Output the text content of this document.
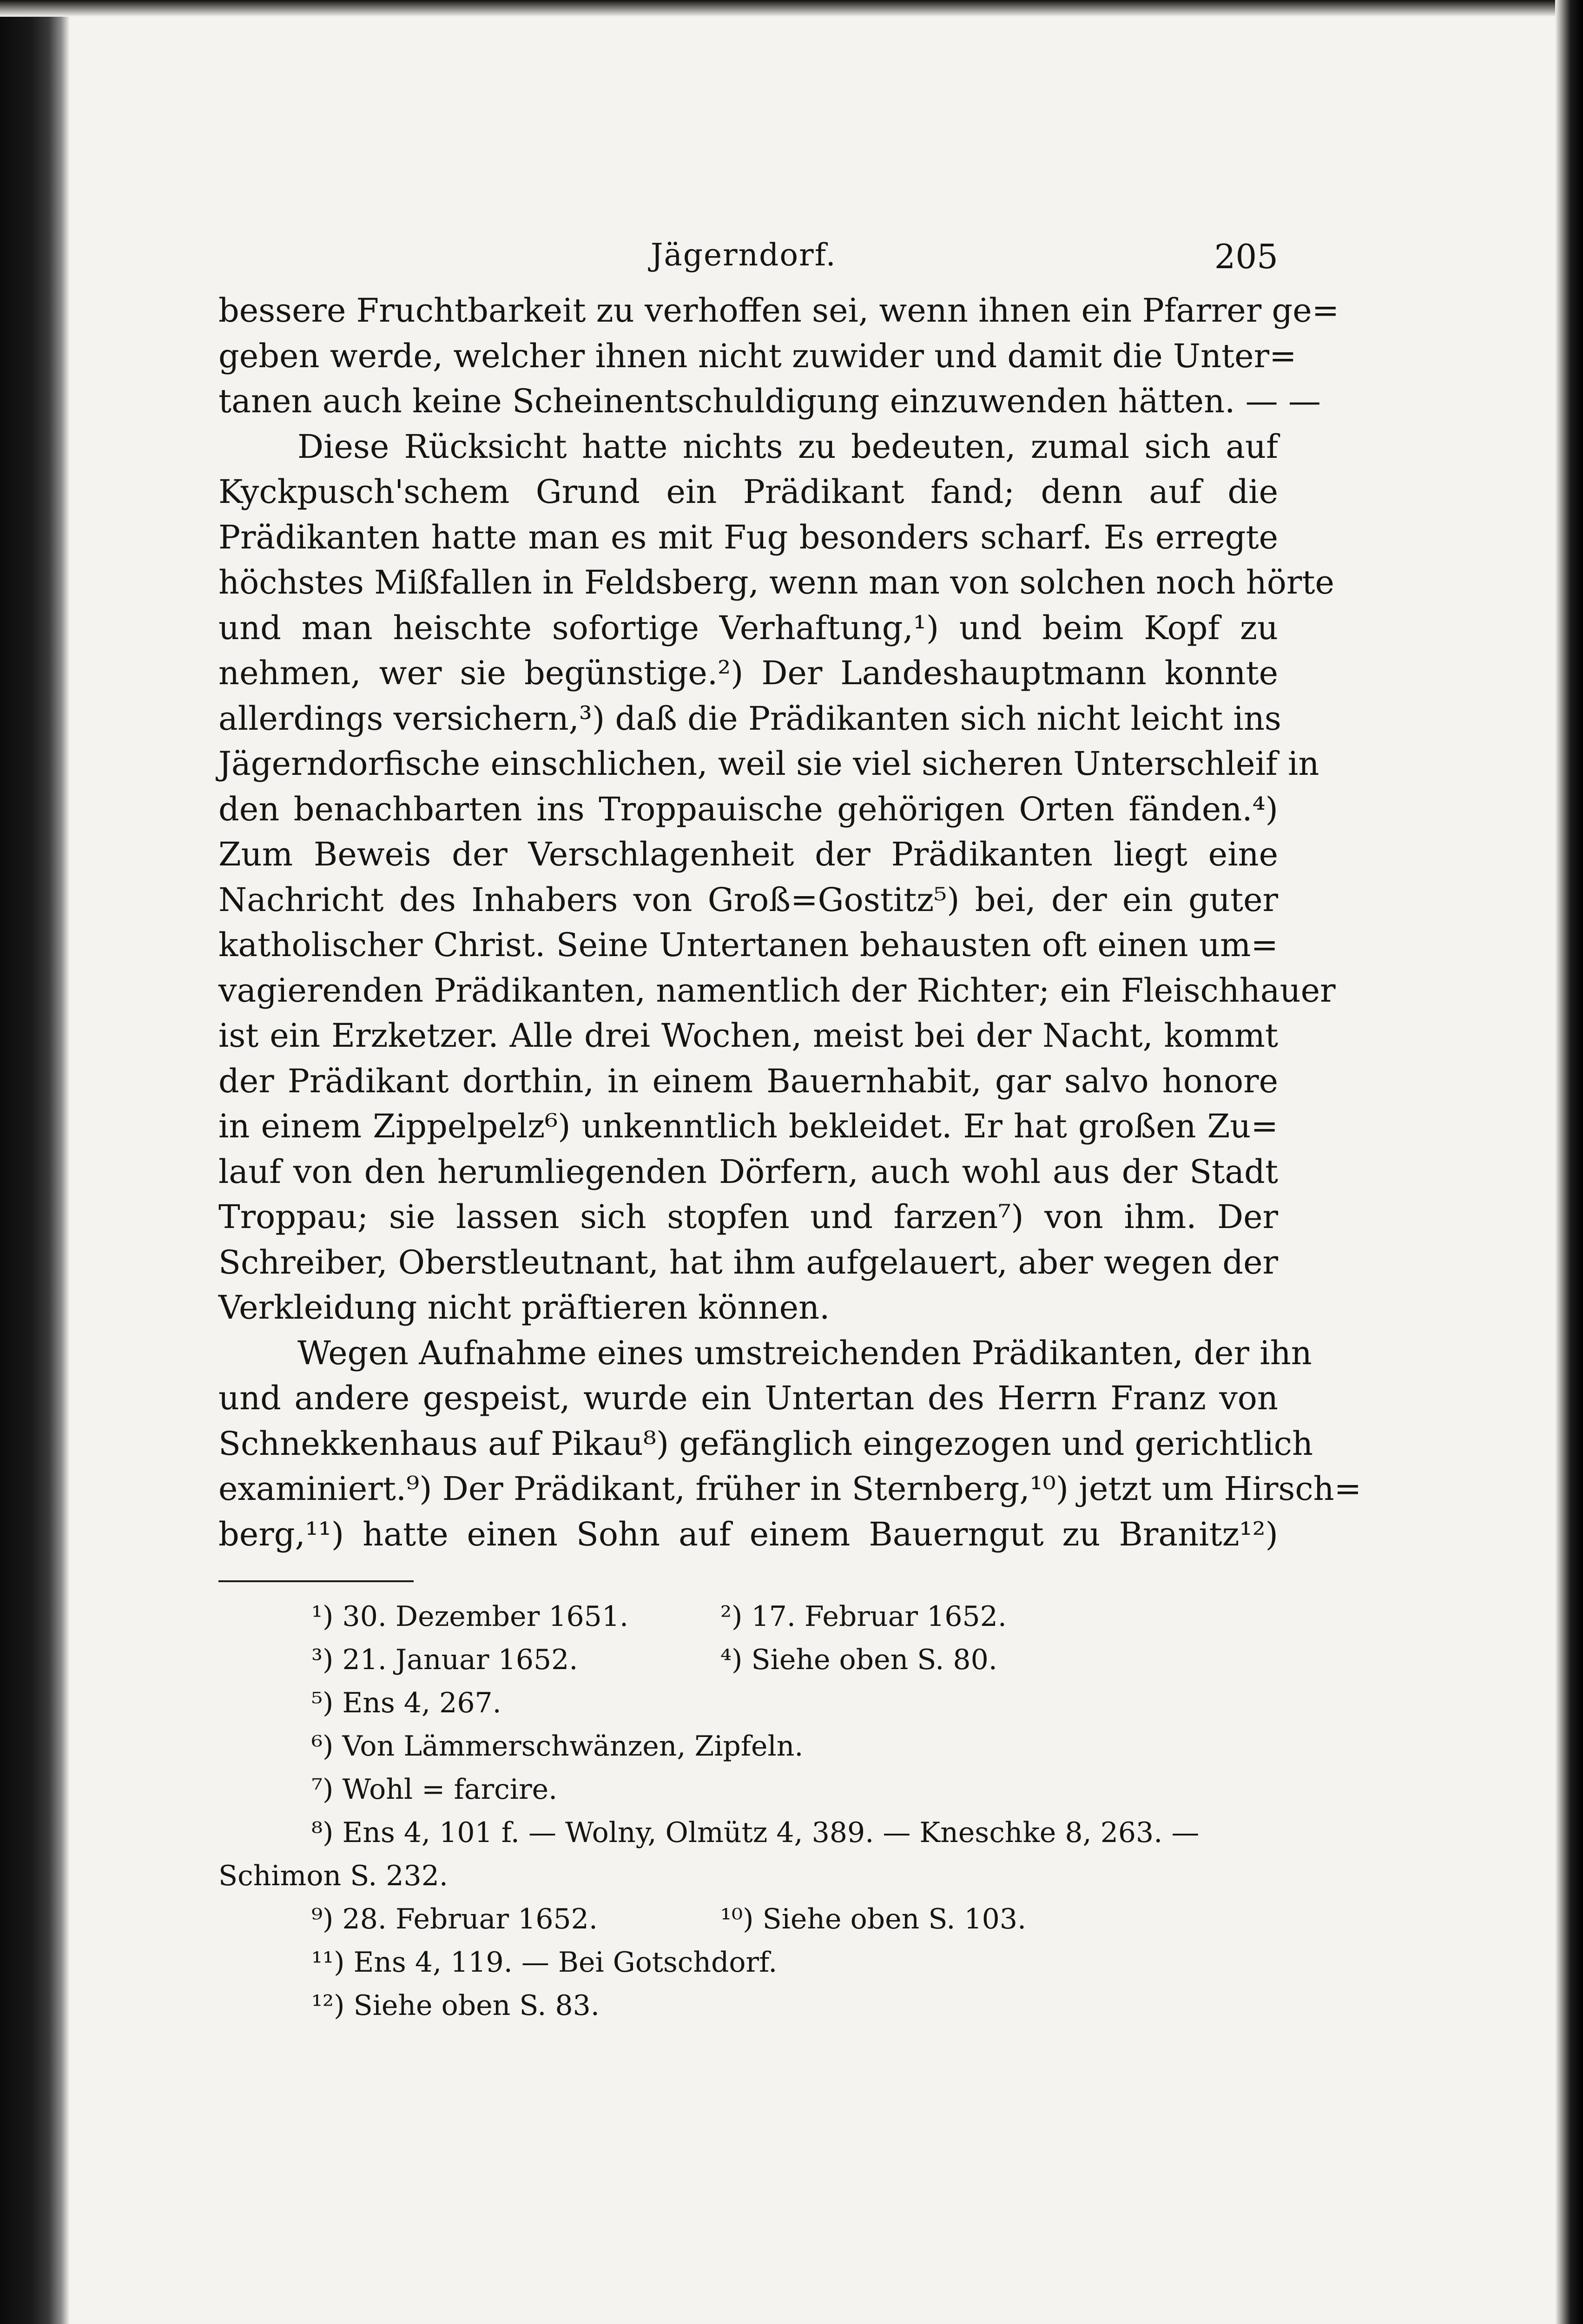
Jägerndorf.	205

bessere Fruchtbarkeit zu verhoffen sei, wenn ihnen ein Pfarrer ge=
geben werde, welcher ihnen nicht zuwider und damit die Unter=
tanen auch keine Scheinentschuldigung einzuwenden hätten. — —

Diese Rücksicht hatte nichts zu bedeuten, zumal sich auf
Kyckpusch'schem Grund ein Prädikant fand; denn auf die
Prädikanten hatte man es mit Fug besonders scharf. Es erregte
höchstes Mißfallen in Feldsberg, wenn man von solchen noch hörte
und man heischte sofortige Verhaftung,¹) und beim Kopf zu
nehmen, wer sie begünstige.²) Der Landeshauptmann konnte
allerdings versichern,³) daß die Prädikanten sich nicht leicht ins
Jägerndorfische einschlichen, weil sie viel sicheren Unterschleif in
den benachbarten ins Troppauische gehörigen Orten fänden.⁴)
Zum Beweis der Verschlagenheit der Prädikanten liegt eine
Nachricht des Inhabers von Groß=Gostitz⁵) bei, der ein guter
katholischer Christ. Seine Untertanen behausten oft einen um=
vagierenden Prädikanten, namentlich der Richter; ein Fleischhauer
ist ein Erzketzer. Alle drei Wochen, meist bei der Nacht, kommt
der Prädikant dorthin, in einem Bauernhabit, gar salvo honore
in einem Zippelpelz⁶) unkenntlich bekleidet. Er hat großen Zu=
lauf von den herumliegenden Dörfern, auch wohl aus der Stadt
Troppau; sie lassen sich stopfen und farzen⁷) von ihm. Der
Schreiber, Oberstleutnant, hat ihm aufgelauert, aber wegen der
Verkleidung nicht präftieren können.

Wegen Aufnahme eines umstreichenden Prädikanten, der ihn
und andere gespeist, wurde ein Untertan des Herrn Franz von
Schnekkenhaus auf Pikau⁸) gefänglich eingezogen und gerichtlich
examiniert.⁹) Der Prädikant, früher in Sternberg,¹⁰) jetzt um Hirsch=
berg,¹¹) hatte einen Sohn auf einem Bauerngut zu Branitz¹²)

¹) 30. Dezember 1651.	²) 17. Februar 1652.
³) 21. Januar 1652.	⁴) Siehe oben S. 80.
⁵) Ens 4, 267.
⁶) Von Lämmerschwänzen, Zipfeln.
⁷) Wohl = farcire.
⁸) Ens 4, 101 f. — Wolny, Olmütz 4, 389. — Kneschke 8, 263. —
Schimon S. 232.
⁹) 28. Februar 1652.	¹⁰) Siehe oben S. 103.
¹¹) Ens 4, 119. — Bei Gotschdorf.
¹²) Siehe oben S. 83.
